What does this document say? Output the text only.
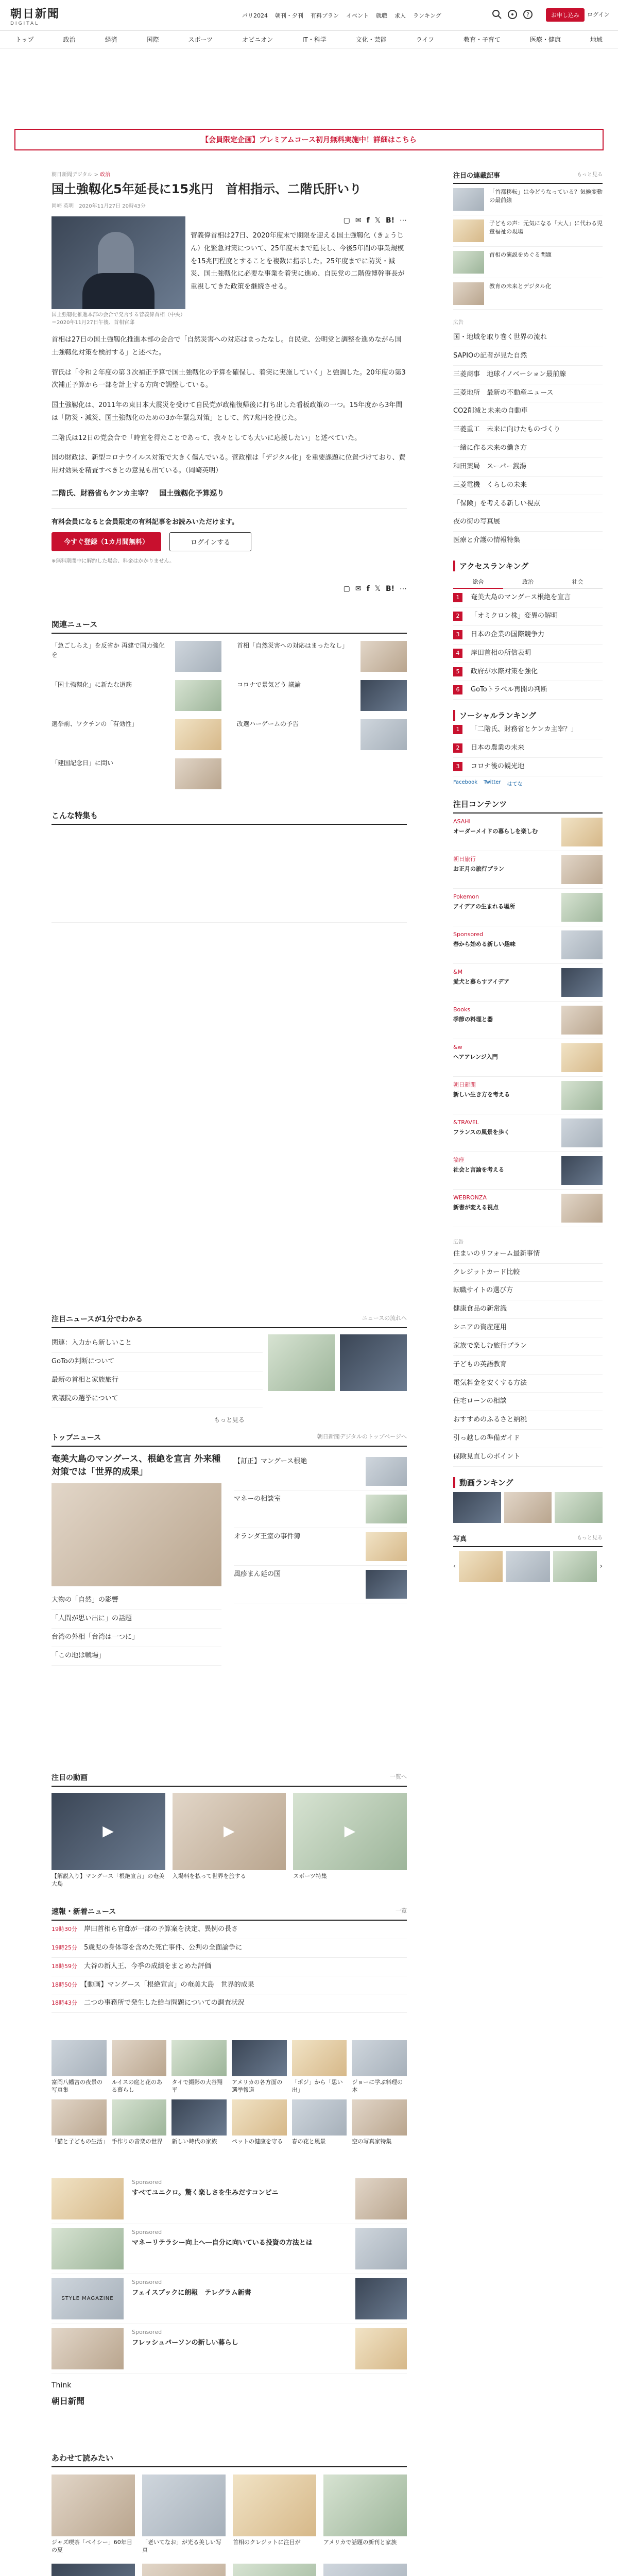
朝日新聞
DIGITAL
パリ2024 朝刊・夕刊 有料プラン イベント 就職 求人 ランキング	?	お申し込み	ログイン
トップ	政治	経済	国際	スポーツ	オピニオン	IT・科学	文化・芸能	ライフ	教育・子育て	医療・健康	地域
【会員限定企画】プレミアムコース初月無料実施中！詳細はこちら
朝日新聞デジタル > 政治
国土強靱化5年延長に15兆円　首相指示、二階氏肝いり
岡崎 英明　 2020年11月27日 20時43分
国土強靱化推進本部の会合で発言する菅義偉首相（中央）＝2020年11月27日午後、首相官邸
▢ ✉ f 𝕏 B! ⋯

菅義偉首相は27日、2020年度末で期限を迎える国土強靱化（きょうじん）化緊急対策について、25年度末まで延長し、今後5年間の事業規模を15兆円程度とすることを複数に指示した。25年度までに防災・減災、国土強靱化に必要な事業を着実に進め、自民党の二階俊博幹事長が重視してきた政策を継続させる。

首相は27日の国土強靱化推進本部の会合で「自然災害への対応はまったなし。自民党、公明党と調整を進めながら国土強靱化対策を検討する」と述べた。

菅氏は「令和２年度の第３次補正予算で国土強靱化の予算を確保し、着実に実施していく」と強調した。20年度の第3次補正予算から一部を計上する方向で調整している。

国土強靱化は、2011年の東日本大震災を受けて自民党が政権復帰後に打ち出した看板政策の一つ。15年度から3年間は「防災・減災、国土強靱化のための3か年緊急対策」として、約7兆円を投じた。

二階氏は12日の党会合で「時宜を得たことであって、我々としても大いに応援したい」と述べていた。

国の財政は、新型コロナウイルス対策で大きく傷んでいる。菅政権は「デジタル化」を重要課題に位置づけており、費用対効果を精査すべきとの意見も出ている。（岡崎英明）

二階氏、財務省もケンカ主宰？　国土強靱化予算巡り
有料会員になると会員限定の有料記事をお読みいただけます。
今すぐ登録（1カ月間無料）	ログインする
※無料期間中に解約した場合、料金はかかりません。
▢ ✉ f 𝕏 B! ⋯
関連ニュース
「急ごしらえ」を反省か 再建で国力強化を
首相「自然災害への対応はまったなし」
「国土強靱化」に新たな道筋	コロナで景気どう 議論
選挙前、ワクチンの「有効性」	改選ハーゲームの予告
「建国記念日」に問い
こんな特集も
注目ニュースが1分でわかる	ニュースの流れへ
関連：入力から新しいこと
GoToの判断について
最新の首相と家族旅行
衆議院の選挙について
もっと見る
トップニュース	朝日新聞デジタルのトップページへ
奄美大島のマングース、根絶を宣言 外来種対策では「世界的成果」
大物の「自然」の影響
「人間が思い出に」の話題
台湾の外相「台湾は一つに」
「この地は戦場」
【訂正】マングース根絶
マネーの相談室
オランダ王室の事件簿
風疹まん延の国
注目の動画	一覧へ
▶
【解説入り】マングース「根絶宣言」の奄美大島
▶
入場料を払って世界を旅する
▶
スポーツ特集
速報・新着ニュース	一覧
19時30分　 岸田首相ら官邸が一部の予算案を決定、異例の長さ
19時25分　 5歳児の身体等を含めた死亡事件、公判の全面論争に
18時59分　 大谷の新人王、今季の成績をまとめた評価
18時50分　 【動画】マングース「根絶宣言」の奄美大島　世界的成果
18時43分　 二つの事務所で発生した給与問題についての調査状況
富岡八幡宮の夜景の写真集
ルイスの庭と花のある暮らし
タイで撮影の大谷翔平
アメリカの各方面の選挙報道
「ポジ」から「思い出」
ジョーに学ぶ料理の本
「猫と子どもの生活」 手作りの音楽の世界	新しい時代の家族	ペットの健康を守る	春の花と風景	空の写真家特集
Sponsored
すべてユニクロ。驚く楽しさを生みだすコンビニ
Sponsored
マネーリテラシー向上へ―自分に向いている投資の方法とは
STYLE MAGAZINE
Sponsored
フェイスブックに朗報　テレグラム新書
Sponsored
フレッシュパーソンの新しい暮らし
Think
朝日新聞
あわせて読みたい
ジャズ喫茶「ベイシー」60年目の夏
「老いてなお」が光る美しい写真
首相のクレジットに注目が	アメリカで話題の新刊と家族
注目の連載記事	もっと見る
「首都移転」は今どうなっている？気候変動の最前線
子どもの声：元気になる「大人」に代わる児童福祉の現場
首相の演説をめぐる問題
教育の未来とデジタル化
広告
国・地域を取り巻く世界の流れ
SAPIOの記者が見た自然
三菱商事　地球イノベーション最前線
三菱地所　最新の不動産ニュース
CO2削減と未来の自動車
三菱重工　未来に向けたものづくり
一緒に作る未来の働き方
和田薬局　スーパー銭湯
三菱電機　くらしの未来
「保険」を考える新しい視点
夜の街の写真展
医療と介護の情報特集
アクセスランキング
総合	政治	社会
1	奄美大島のマングース根絶を宣言
2	「オミクロン株」変異の解明
3	日本の企業の国際競争力
4	岸田首相の所信表明
5	政府が水際対策を強化
6	GoToトラベル再開の判断
ソーシャルランキング
1	「二階氏、財務省とケンカ主宰？」
2	日本の農業の未来
3	コロナ後の観光地
Facebook Twitter はてな
注目コンテンツ
ASAHI
オーダーメイドの暮らしを楽しむ
朝日旅行
お正月の旅行プラン
Pokemon
アイデアの生まれる場所
Sponsored
春から始める新しい趣味
&M
愛犬と暮らすアイデア
Books
季節の料理と器
&w
ヘアアレンジ入門
朝日新聞
新しい生き方を考える
&TRAVEL
フランスの風景を歩く
論座
社会と言論を考える
WEBRONZA
新書が変える視点
広告
住まいのリフォーム最新事情
クレジットカード比較
転職サイトの選び方
健康食品の新常識
シニアの資産運用
家族で楽しむ旅行プラン
子どもの英語教育
電気料金を安くする方法
住宅ローンの相談
おすすめのふるさと納税
引っ越しの準備ガイド
保険見直しのポイント
動画ランキング
写真	もっと見る
‹	›
